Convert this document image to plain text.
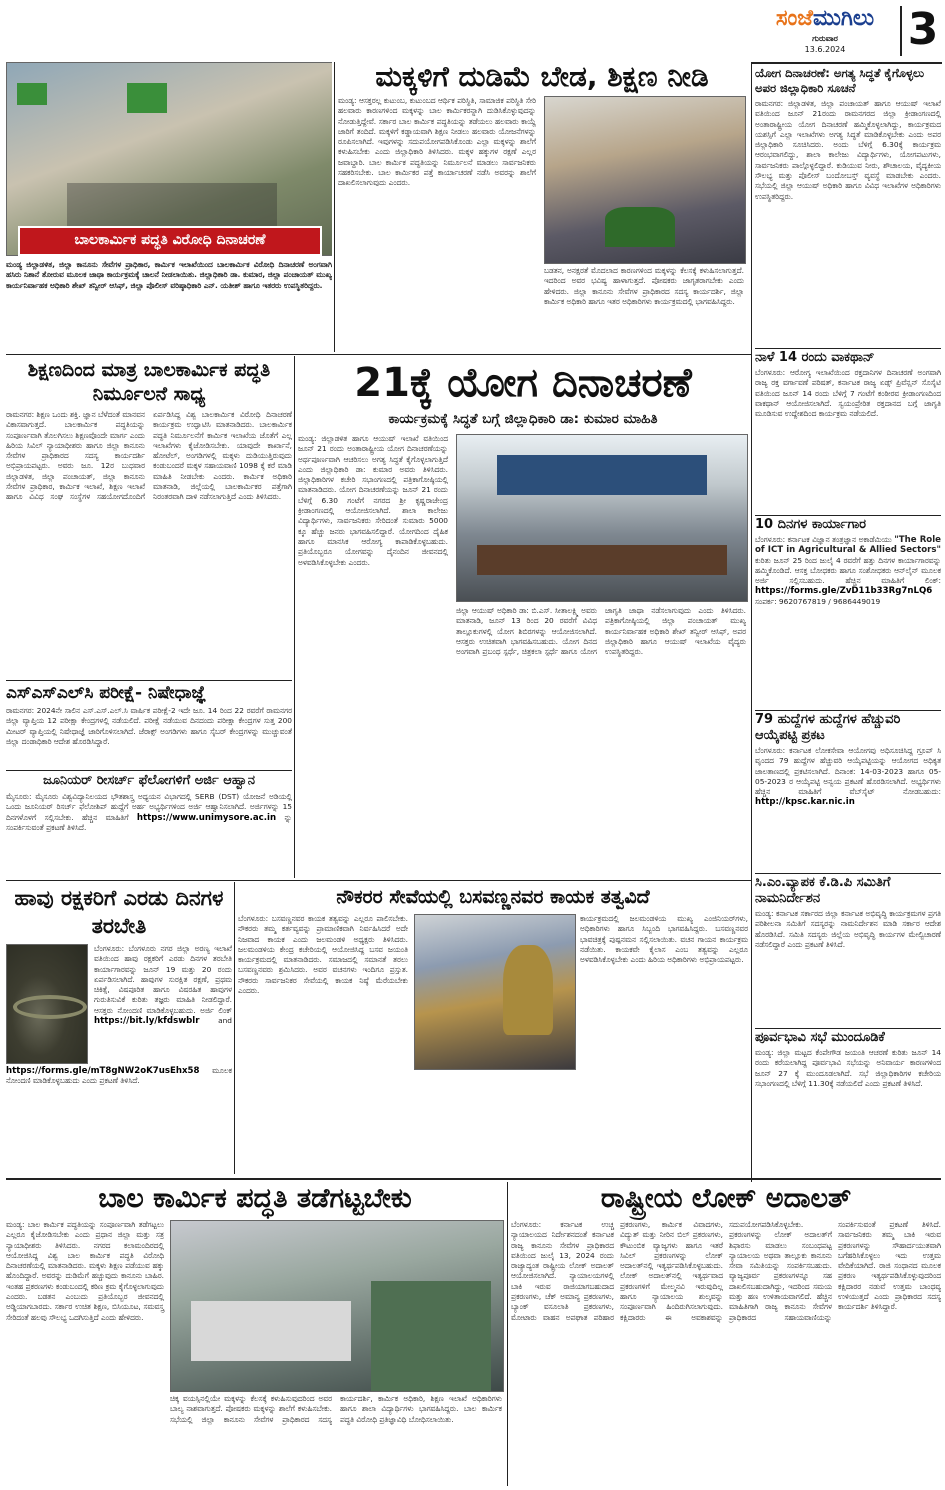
ಸಂಜೆಮುಗಿಲು
ಗುರುವಾರ
13.6.2024	3
ಬಾಲಕಾರ್ಮಿಕ ಪದ್ಧತಿ ವಿರೋಧಿ ದಿನಾಚರಣೆ
ಮಂಡ್ಯ ಜಿಲ್ಲಾಡಳಿತ, ಜಿಲ್ಲಾ ಕಾನೂನು ಸೇವೆಗಳ ಪ್ರಾಧಿಕಾರ, ಕಾರ್ಮಿಕ ಇಲಾಖೆಯಿಂದ ಬಾಲಕಾರ್ಮಿಕ ವಿರೋಧಿ ದಿನಾಚರಣೆ ಅಂಗವಾಗಿ ಹಸಿರು ನಿಶಾನೆ ತೋರುವ ಮೂಲಕ ಜಾಥಾ ಕಾರ್ಯಕ್ರಮಕ್ಕೆ ಚಾಲನೆ ನೀಡಲಾಯಿತು. ಜಿಲ್ಲಾಧಿಕಾರಿ ಡಾ. ಕುಮಾರ, ಜಿಲ್ಲಾ ಪಂಚಾಯತ್ ಮುಖ್ಯ ಕಾರ್ಯನಿರ್ವಾಹಕ ಅಧಿಕಾರಿ ಶೇಖ್ ತನ್ವೀರ್ ಆಸಿಫ್, ಜಿಲ್ಲಾ ಪೊಲೀಸ್ ವರಿಷ್ಠಾಧಿಕಾರಿ ಎನ್. ಯತೀಶ್ ಹಾಗೂ ಇತರರು ಉಪಸ್ಥಿತರಿದ್ದರು.
ಮಕ್ಕಳಿಗೆ ದುಡಿಮೆ ಬೇಡ, ಶಿಕ್ಷಣ ನೀಡಿ
ಮಂಡ್ಯ: ಆಸಕ್ತರಲ್ಲ ಕುಟುಂಬ, ಕುಟುಂಬದ ಆರ್ಥಿಕ ಪರಿಸ್ಥಿತಿ, ಸಾಮಾಜಿಕ ಪರಿಸ್ಥಿತಿ ಸೇರಿ ಹಲವಾರು ಕಾರಣಗಳಿಂದ ಮಕ್ಕಳನ್ನು ಬಾಲ ಕಾರ್ಮಿಕರನ್ನಾಗಿ ದುಡಿಸಿಕೊಳ್ಳುವುದನ್ನು ನೋಡುತ್ತಿದ್ದೇವೆ. ಸರ್ಕಾರ ಬಾಲ ಕಾರ್ಮಿಕ ಪದ್ಧತಿಯನ್ನು ತಡೆಯಲು ಹಲವಾರು ಕಾಯ್ದೆ ಜಾರಿಗೆ ತಂದಿದೆ. ಮಕ್ಕಳಿಗೆ ಕಡ್ಡಾಯವಾಗಿ ಶಿಕ್ಷಣ ನೀಡಲು ಹಲವಾರು ಯೋಜನೆಗಳನ್ನು ರೂಪಿಸಲಾಗಿದೆ. ಇವುಗಳನ್ನು ಸದುಪಯೋಗಪಡಿಸಿಕೊಂಡು ಎಲ್ಲಾ ಮಕ್ಕಳನ್ನು ಶಾಲೆಗೆ ಕಳುಹಿಸಬೇಕು ಎಂದು ಜಿಲ್ಲಾಧಿಕಾರಿ ತಿಳಿಸಿದರು. ಮಕ್ಕಳ ಹಕ್ಕುಗಳ ರಕ್ಷಣೆ ಎಲ್ಲರ ಜವಾಬ್ದಾರಿ. ಬಾಲ ಕಾರ್ಮಿಕ ಪದ್ಧತಿಯನ್ನು ನಿರ್ಮೂಲನೆ ಮಾಡಲು ಸಾರ್ವಜನಿಕರು ಸಹಕರಿಸಬೇಕು. ಬಾಲ ಕಾರ್ಮಿಕರ ಪತ್ತೆ ಕಾರ್ಯಾಚರಣೆ ನಡೆಸಿ ಅವರನ್ನು ಶಾಲೆಗೆ ದಾಖಲಿಸಲಾಗುವುದು ಎಂದರು.
ಬಡತನ, ಅನಕ್ಷರತೆ ಮೊದಲಾದ ಕಾರಣಗಳಿಂದ ಮಕ್ಕಳನ್ನು ಕೆಲಸಕ್ಕೆ ಕಳುಹಿಸಲಾಗುತ್ತದೆ. ಇದರಿಂದ ಅವರ ಭವಿಷ್ಯ ಹಾಳಾಗುತ್ತದೆ. ಪೋಷಕರು ಜಾಗೃತರಾಗಬೇಕು ಎಂದು ಹೇಳಿದರು. ಜಿಲ್ಲಾ ಕಾನೂನು ಸೇವೆಗಳ ಪ್ರಾಧಿಕಾರದ ಸದಸ್ಯ ಕಾರ್ಯದರ್ಶಿ, ಜಿಲ್ಲಾ ಕಾರ್ಮಿಕ ಅಧಿಕಾರಿ ಹಾಗೂ ಇತರ ಅಧಿಕಾರಿಗಳು ಕಾರ್ಯಕ್ರಮದಲ್ಲಿ ಭಾಗವಹಿಸಿದ್ದರು.
ಯೋಗ ದಿನಾಚರಣೆ: ಅಗತ್ಯ ಸಿದ್ಧತೆ ಕೈಗೊಳ್ಳಲು ಅಪರ ಜಿಲ್ಲಾಧಿಕಾರಿ ಸೂಚನೆ
ರಾಮನಗರ: ಜಿಲ್ಲಾಡಳಿತ, ಜಿಲ್ಲಾ ಪಂಚಾಯತ್ ಹಾಗೂ ಆಯುಷ್ ಇಲಾಖೆ ವತಿಯಿಂದ ಜೂನ್ 21ರಂದು ರಾಮನಗರದ ಜಿಲ್ಲಾ ಕ್ರೀಡಾಂಗಣದಲ್ಲಿ ಅಂತಾರಾಷ್ಟ್ರೀಯ ಯೋಗ ದಿನಾಚರಣೆ ಹಮ್ಮಿಕೊಳ್ಳಲಾಗಿದ್ದು, ಕಾರ್ಯಕ್ರಮದ ಯಶಸ್ಸಿಗೆ ಎಲ್ಲಾ ಇಲಾಖೆಗಳು ಅಗತ್ಯ ಸಿದ್ಧತೆ ಮಾಡಿಕೊಳ್ಳಬೇಕು ಎಂದು ಅಪರ ಜಿಲ್ಲಾಧಿಕಾರಿ ಸೂಚಿಸಿದರು. ಅಂದು ಬೆಳಿಗ್ಗೆ 6.30ಕ್ಕೆ ಕಾರ್ಯಕ್ರಮ ಆರಂಭವಾಗಲಿದ್ದು, ಶಾಲಾ ಕಾಲೇಜು ವಿದ್ಯಾರ್ಥಿಗಳು, ಯೋಗಪಟುಗಳು, ಸಾರ್ವಜನಿಕರು ಪಾಲ್ಗೊಳ್ಳಲಿದ್ದಾರೆ. ಕುಡಿಯುವ ನೀರು, ಶೌಚಾಲಯ, ವೈದ್ಯಕೀಯ ಸೌಲಭ್ಯ ಮತ್ತು ಪೊಲೀಸ್ ಬಂದೋಬಸ್ತ್ ವ್ಯವಸ್ಥೆ ಮಾಡಬೇಕು ಎಂದರು. ಸಭೆಯಲ್ಲಿ ಜಿಲ್ಲಾ ಆಯುಷ್ ಅಧಿಕಾರಿ ಹಾಗೂ ವಿವಿಧ ಇಲಾಖೆಗಳ ಅಧಿಕಾರಿಗಳು ಉಪಸ್ಥಿತರಿದ್ದರು.
ನಾಳೆ 14 ರಂದು ವಾಕಥಾನ್
ಬೆಂಗಳೂರು: ಆರೋಗ್ಯ ಇಲಾಖೆಯಿಂದ ರಕ್ತದಾನಿಗಳ ದಿನಾಚರಣೆ ಅಂಗವಾಗಿ ರಾಜ್ಯ ರಕ್ತ ವರ್ಗಾವಣೆ ಪರಿಷತ್, ಕರ್ನಾಟಕ ರಾಜ್ಯ ಏಡ್ಸ್ ಪ್ರಿವೆನ್ಷನ್ ಸೊಸೈಟಿ ವತಿಯಿಂದ ಜೂನ್ 14 ರಂದು ಬೆಳಿಗ್ಗೆ 7 ಗಂಟೆಗೆ ಕಂಠೀರವ ಕ್ರೀಡಾಂಗಣದಿಂದ ವಾಕಥಾನ್ ಆಯೋಜಿಸಲಾಗಿದೆ. ಸ್ವಯಂಪ್ರೇರಿತ ರಕ್ತದಾನದ ಬಗ್ಗೆ ಜಾಗೃತಿ ಮೂಡಿಸುವ ಉದ್ದೇಶದಿಂದ ಕಾರ್ಯಕ್ರಮ ನಡೆಯಲಿದೆ.
10 ದಿನಗಳ ಕಾರ್ಯಾಗಾರ
ಬೆಂಗಳೂರು: ಕರ್ನಾಟಕ ವಿಜ್ಞಾನ ತಂತ್ರಜ್ಞಾನ ಅಕಾಡೆಮಿಯು "The Role of ICT in Agricultural & Allied Sectors" ಕುರಿತು ಜೂನ್ 25 ರಿಂದ ಜುಲೈ 4 ರವರೆಗೆ ಹತ್ತು ದಿನಗಳ ಕಾರ್ಯಾಗಾರವನ್ನು ಹಮ್ಮಿಕೊಂಡಿದೆ. ಆಸಕ್ತ ಬೋಧಕರು ಹಾಗೂ ಸಂಶೋಧಕರು ಆನ್‌ಲೈನ್ ಮೂಲಕ ಅರ್ಜಿ ಸಲ್ಲಿಸಬಹುದು. ಹೆಚ್ಚಿನ ಮಾಹಿತಿಗೆ ಲಿಂಕ್: https://forms.gle/ZvD11b33Rg7nLQ6 ಸಂಪರ್ಕ: 9620767819 / 9686449019
79 ಹುದ್ದೆಗಳ ಹುದ್ದೆಗಳ ಹೆಚ್ಚುವರಿ ಆಯ್ಕೆಪಟ್ಟಿ ಪ್ರಕಟ
ಬೆಂಗಳೂರು: ಕರ್ನಾಟಕ ಲೋಕಸೇವಾ ಆಯೋಗವು ಅಧಿಸೂಚಿಸಿದ್ದ ಗ್ರೂಪ್ ಸಿ ವೃಂದದ 79 ಹುದ್ದೆಗಳ ಹೆಚ್ಚುವರಿ ಆಯ್ಕೆಪಟ್ಟಿಯನ್ನು ಆಯೋಗದ ಅಧಿಕೃತ ಜಾಲತಾಣದಲ್ಲಿ ಪ್ರಕಟಿಸಲಾಗಿದೆ. ದಿನಾಂಕ: 14-03-2023 ಹಾಗೂ 05-05-2023 ರ ಆಯ್ಕೆಪಟ್ಟಿ ಅನ್ವಯ ಪ್ರಕಟಣೆ ಹೊರಡಿಸಲಾಗಿದೆ. ಅಭ್ಯರ್ಥಿಗಳು ಹೆಚ್ಚಿನ ಮಾಹಿತಿಗೆ ವೆಬ್‌ಸೈಟ್ ನೋಡಬಹುದು: http://kpsc.kar.nic.in
ಸಿ.ಎಂ.ವ್ಯಾಪಕ ಕೆ.ಡಿ.ಪಿ ಸಮಿತಿಗೆ ನಾಮನಿರ್ದೇಶನ
ಮಂಡ್ಯ: ಕರ್ನಾಟಕ ಸರ್ಕಾರದ ಜಿಲ್ಲಾ ಕರ್ನಾಟಕ ಅಭಿವೃದ್ಧಿ ಕಾರ್ಯಕ್ರಮಗಳ ಪ್ರಗತಿ ಪರಿಶೀಲನಾ ಸಮಿತಿಗೆ ಸದಸ್ಯರನ್ನು ನಾಮನಿರ್ದೇಶನ ಮಾಡಿ ಸರ್ಕಾರ ಆದೇಶ ಹೊರಡಿಸಿದೆ. ಸಮಿತಿ ಸದಸ್ಯರು ಜಿಲ್ಲೆಯ ಅಭಿವೃದ್ಧಿ ಕಾರ್ಯಗಳ ಮೇಲ್ವಿಚಾರಣೆ ನಡೆಸಲಿದ್ದಾರೆ ಎಂದು ಪ್ರಕಟಣೆ ತಿಳಿಸಿದೆ.
ಪೂರ್ವಭಾವಿ ಸಭೆ ಮುಂದೂಡಿಕೆ
ಮಂಡ್ಯ: ಜಿಲ್ಲಾ ಮಟ್ಟದ ಕೆಂಪೇಗೌಡ ಜಯಂತಿ ಆಚರಣೆ ಕುರಿತು ಜೂನ್ 14 ರಂದು ಕರೆಯಲಾಗಿದ್ದ ಪೂರ್ವಭಾವಿ ಸಭೆಯನ್ನು ಅನಿವಾರ್ಯ ಕಾರಣಗಳಿಂದ ಜೂನ್ 27 ಕ್ಕೆ ಮುಂದೂಡಲಾಗಿದೆ. ಸಭೆ ಜಿಲ್ಲಾಧಿಕಾರಿಗಳ ಕಚೇರಿಯ ಸಭಾಂಗಣದಲ್ಲಿ ಬೆಳಿಗ್ಗೆ 11.30ಕ್ಕೆ ನಡೆಯಲಿದೆ ಎಂದು ಪ್ರಕಟಣೆ ತಿಳಿಸಿದೆ.
ಶಿಕ್ಷಣದಿಂದ ಮಾತ್ರ ಬಾಲಕಾರ್ಮಿಕ ಪದ್ಧತಿ ನಿರ್ಮೂಲನೆ ಸಾಧ್ಯ
ರಾಮನಗರ: ಶಿಕ್ಷಣ ಒಂದು ಶಕ್ತಿ. ಜ್ಞಾನ ಬೆಳೆದಂತೆ ಮಾನವನ ವಿಕಾಸವಾಗುತ್ತದೆ. ಬಾಲಕಾರ್ಮಿಕ ಪದ್ಧತಿಯನ್ನು ಸಂಪೂರ್ಣವಾಗಿ ತೊಲಗಿಸಲು ಶಿಕ್ಷಣವೊಂದೇ ಮಾರ್ಗ ಎಂದು ಹಿರಿಯ ಸಿವಿಲ್ ನ್ಯಾಯಾಧೀಶರು ಹಾಗೂ ಜಿಲ್ಲಾ ಕಾನೂನು ಸೇವೆಗಳ ಪ್ರಾಧಿಕಾರದ ಸದಸ್ಯ ಕಾರ್ಯದರ್ಶಿ ಅಭಿಪ್ರಾಯಪಟ್ಟರು. ಅವರು ಜೂ. 12ರ ಬುಧವಾರ ಜಿಲ್ಲಾಡಳಿತ, ಜಿಲ್ಲಾ ಪಂಚಾಯತ್, ಜಿಲ್ಲಾ ಕಾನೂನು ಸೇವೆಗಳ ಪ್ರಾಧಿಕಾರ, ಕಾರ್ಮಿಕ ಇಲಾಖೆ, ಶಿಕ್ಷಣ ಇಲಾಖೆ ಹಾಗೂ ವಿವಿಧ ಸಂಘ ಸಂಸ್ಥೆಗಳ ಸಹಯೋಗದೊಂದಿಗೆ ಏರ್ಪಡಿಸಿದ್ದ ವಿಶ್ವ ಬಾಲಕಾರ್ಮಿಕ ವಿರೋಧಿ ದಿನಾಚರಣೆ ಕಾರ್ಯಕ್ರಮ ಉದ್ಘಾಟಿಸಿ ಮಾತನಾಡಿದರು. ಬಾಲಕಾರ್ಮಿಕ ಪದ್ಧತಿ ನಿರ್ಮೂಲನೆಗೆ ಕಾರ್ಮಿಕ ಇಲಾಖೆಯ ಜೊತೆಗೆ ಎಲ್ಲ ಇಲಾಖೆಗಳು ಕೈಜೋಡಿಸಬೇಕು. ಯಾವುದೇ ಕಾರ್ಖಾನೆ, ಹೋಟೆಲ್, ಅಂಗಡಿಗಳಲ್ಲಿ ಮಕ್ಕಳು ದುಡಿಯುತ್ತಿರುವುದು ಕಂಡುಬಂದರೆ ಮಕ್ಕಳ ಸಹಾಯವಾಣಿ 1098 ಕ್ಕೆ ಕರೆ ಮಾಡಿ ಮಾಹಿತಿ ನೀಡಬೇಕು ಎಂದರು. ಕಾರ್ಮಿಕ ಅಧಿಕಾರಿ ಮಾತನಾಡಿ, ಜಿಲ್ಲೆಯಲ್ಲಿ ಬಾಲಕಾರ್ಮಿಕರ ಪತ್ತೆಗಾಗಿ ನಿರಂತರವಾಗಿ ದಾಳಿ ನಡೆಸಲಾಗುತ್ತಿದೆ ಎಂದು ತಿಳಿಸಿದರು.
ಎಸ್‌ಎಸ್‌ಎಲ್‌ಸಿ ಪರೀಕ್ಷೆ- ನಿಷೇಧಾಜ್ಞೆ
ರಾಮನಗರ: 2024ನೇ ಸಾಲಿನ ಎಸ್.ಎಸ್.ಎಲ್.ಸಿ ವಾರ್ಷಿಕ ಪರೀಕ್ಷೆ-2 ಇದೇ ಜೂ. 14 ರಿಂದ 22 ರವರೆಗೆ ರಾಮನಗರ ಜಿಲ್ಲಾ ವ್ಯಾಪ್ತಿಯ 12 ಪರೀಕ್ಷಾ ಕೇಂದ್ರಗಳಲ್ಲಿ ನಡೆಯಲಿದೆ. ಪರೀಕ್ಷೆ ನಡೆಯುವ ದಿನದಂದು ಪರೀಕ್ಷಾ ಕೇಂದ್ರಗಳ ಸುತ್ತ 200 ಮೀಟರ್ ವ್ಯಾಪ್ತಿಯಲ್ಲಿ ನಿಷೇಧಾಜ್ಞೆ ಜಾರಿಗೊಳಿಸಲಾಗಿದೆ. ಜೆರಾಕ್ಸ್ ಅಂಗಡಿಗಳು ಹಾಗೂ ಸೈಬರ್ ಕೇಂದ್ರಗಳನ್ನು ಮುಚ್ಚುವಂತೆ ಜಿಲ್ಲಾ ದಂಡಾಧಿಕಾರಿ ಆದೇಶ ಹೊರಡಿಸಿದ್ದಾರೆ.
ಜೂನಿಯರ್ ರೀಸರ್ಚ್ ಫೆಲೋಗಳಿಗೆ ಅರ್ಜಿ ಆಹ್ವಾನ
ಮೈಸೂರು: ಮೈಸೂರು ವಿಶ್ವವಿದ್ಯಾನಿಲಯದ ಭೌತಶಾಸ್ತ್ರ ಅಧ್ಯಯನ ವಿಭಾಗದಲ್ಲಿ SERB (DST) ಯೋಜನೆ ಅಡಿಯಲ್ಲಿ ಒಂದು ಜೂನಿಯರ್ ರಿಸರ್ಚ್ ಫೆಲೋಶಿಪ್ ಹುದ್ದೆಗೆ ಅರ್ಹ ಅಭ್ಯರ್ಥಿಗಳಿಂದ ಅರ್ಜಿ ಆಹ್ವಾನಿಸಲಾಗಿದೆ. ಅರ್ಜಿಗಳನ್ನು 15 ದಿನಗಳೊಳಗೆ ಸಲ್ಲಿಸಬೇಕು. ಹೆಚ್ಚಿನ ಮಾಹಿತಿಗೆ https://www.unimysore.ac.in ನ್ನು ಸಂಪರ್ಕಿಸುವಂತೆ ಪ್ರಕಟಣೆ ತಿಳಿಸಿದೆ.
21ಕ್ಕೆ ಯೋಗ ದಿನಾಚರಣೆ
ಕಾರ್ಯಕ್ರಮಕ್ಕೆ ಸಿದ್ಧತೆ ಬಗ್ಗೆ ಜಿಲ್ಲಾಧಿಕಾರಿ ಡಾ: ಕುಮಾರ ಮಾಹಿತಿ
ಮಂಡ್ಯ: ಜಿಲ್ಲಾಡಳಿತ ಹಾಗೂ ಆಯುಷ್ ಇಲಾಖೆ ವತಿಯಿಂದ ಜೂನ್ 21 ರಂದು ಅಂತಾರಾಷ್ಟ್ರೀಯ ಯೋಗ ದಿನಾಚರಣೆಯನ್ನು ಅರ್ಥಪೂರ್ಣವಾಗಿ ಆಚರಿಸಲು ಅಗತ್ಯ ಸಿದ್ಧತೆ ಕೈಗೊಳ್ಳಲಾಗುತ್ತಿದೆ ಎಂದು ಜಿಲ್ಲಾಧಿಕಾರಿ ಡಾ: ಕುಮಾರ ಅವರು ತಿಳಿಸಿದರು. ಜಿಲ್ಲಾಧಿಕಾರಿಗಳ ಕಚೇರಿ ಸಭಾಂಗಣದಲ್ಲಿ ಪತ್ರಿಕಾಗೋಷ್ಠಿಯಲ್ಲಿ ಮಾತನಾಡಿದರು. ಯೋಗ ದಿನಾಚರಣೆಯನ್ನು ಜೂನ್ 21 ರಂದು ಬೆಳಿಗ್ಗೆ 6.30 ಗಂಟೆಗೆ ನಗರದ ಶ್ರೀ ಕೃಷ್ಣರಾಜೇಂದ್ರ ಕ್ರೀಡಾಂಗಣದಲ್ಲಿ ಆಯೋಜಿಸಲಾಗಿದೆ. ಶಾಲಾ ಕಾಲೇಜು ವಿದ್ಯಾರ್ಥಿಗಳು, ಸಾರ್ವಜನಿಕರು ಸೇರಿದಂತೆ ಸುಮಾರು 5000 ಕ್ಕೂ ಹೆಚ್ಚು ಜನರು ಭಾಗವಹಿಸಲಿದ್ದಾರೆ. ಯೋಗದಿಂದ ದೈಹಿಕ ಹಾಗೂ ಮಾನಸಿಕ ಆರೋಗ್ಯ ಕಾಪಾಡಿಕೊಳ್ಳಬಹುದು. ಪ್ರತಿಯೊಬ್ಬರೂ ಯೋಗವನ್ನು ದೈನಂದಿನ ಜೀವನದಲ್ಲಿ ಅಳವಡಿಸಿಕೊಳ್ಳಬೇಕು ಎಂದರು.
ಜಿಲ್ಲಾ ಆಯುಷ್ ಅಧಿಕಾರಿ ಡಾ: ಬಿ.ಎಸ್. ಸೀತಾಲಕ್ಷ್ಮಿ ಅವರು ಮಾತನಾಡಿ, ಜೂನ್ 13 ರಿಂದ 20 ರವರೆಗೆ ವಿವಿಧ ತಾಲ್ಲೂಕುಗಳಲ್ಲಿ ಯೋಗ ಶಿಬಿರಗಳನ್ನು ಆಯೋಜಿಸಲಾಗಿದೆ. ಆಸಕ್ತರು ಉಚಿತವಾಗಿ ಭಾಗವಹಿಸಬಹುದು. ಯೋಗ ದಿನದ ಅಂಗವಾಗಿ ಪ್ರಬಂಧ ಸ್ಪರ್ಧೆ, ಚಿತ್ರಕಲಾ ಸ್ಪರ್ಧೆ ಹಾಗೂ ಯೋಗ ಜಾಗೃತಿ ಜಾಥಾ ನಡೆಸಲಾಗುವುದು ಎಂದು ತಿಳಿಸಿದರು. ಪತ್ರಿಕಾಗೋಷ್ಠಿಯಲ್ಲಿ ಜಿಲ್ಲಾ ಪಂಚಾಯತ್ ಮುಖ್ಯ ಕಾರ್ಯನಿರ್ವಾಹಕ ಅಧಿಕಾರಿ ಶೇಖ್ ತನ್ವೀರ್ ಆಸಿಫ್, ಅಪರ ಜಿಲ್ಲಾಧಿಕಾರಿ ಹಾಗೂ ಆಯುಷ್ ಇಲಾಖೆಯ ವೈದ್ಯರು ಉಪಸ್ಥಿತರಿದ್ದರು.
ಹಾವು ರಕ್ಷಕರಿಗೆ ಎರಡು ದಿನಗಳ ತರಬೇತಿ
ಬೆಂಗಳೂರು: ಬೆಂಗಳೂರು ನಗರ ಜಿಲ್ಲಾ ಅರಣ್ಯ ಇಲಾಖೆ ವತಿಯಿಂದ ಹಾವು ರಕ್ಷಕರಿಗೆ ಎರಡು ದಿನಗಳ ತರಬೇತಿ ಕಾರ್ಯಾಗಾರವನ್ನು ಜೂನ್ 19 ಮತ್ತು 20 ರಂದು ಏರ್ಪಡಿಸಲಾಗಿದೆ. ಹಾವುಗಳ ಸುರಕ್ಷಿತ ರಕ್ಷಣೆ, ಪ್ರಥಮ ಚಿಕಿತ್ಸೆ, ವಿಷಪೂರಿತ ಹಾಗೂ ವಿಷರಹಿತ ಹಾವುಗಳ ಗುರುತಿಸುವಿಕೆ ಕುರಿತು ತಜ್ಞರು ಮಾಹಿತಿ ನೀಡಲಿದ್ದಾರೆ. ಆಸಕ್ತರು ನೋಂದಣಿ ಮಾಡಿಕೊಳ್ಳಬಹುದು. ಅರ್ಜಿ ಲಿಂಕ್ https://bit.ly/kfdswblr	and https://forms.gle/mT8gNW2oK7usEhx58 ಮೂಲಕ ನೋಂದಣಿ ಮಾಡಿಕೊಳ್ಳಬಹುದು ಎಂದು ಪ್ರಕಟಣೆ ತಿಳಿಸಿದೆ.
ನೌಕರರ ಸೇವೆಯಲ್ಲಿ ಬಸವಣ್ಣನವರ ಕಾಯಕ ತತ್ವವಿದೆ
ಬೆಂಗಳೂರು: ಬಸವಣ್ಣನವರ ಕಾಯಕ ತತ್ವವನ್ನು ಎಲ್ಲರೂ ಪಾಲಿಸಬೇಕು. ನೌಕರರು ತಮ್ಮ ಕರ್ತವ್ಯವನ್ನು ಪ್ರಾಮಾಣಿಕವಾಗಿ ನಿರ್ವಹಿಸಿದರೆ ಅದೇ ನಿಜವಾದ ಕಾಯಕ ಎಂದು ಜಲಮಂಡಳಿ ಅಧ್ಯಕ್ಷರು ತಿಳಿಸಿದರು. ಜಲಮಂಡಳಿಯ ಕೇಂದ್ರ ಕಚೇರಿಯಲ್ಲಿ ಆಯೋಜಿಸಿದ್ದ ಬಸವ ಜಯಂತಿ ಕಾರ್ಯಕ್ರಮದಲ್ಲಿ ಮಾತನಾಡಿದರು. ಸಮಾಜದಲ್ಲಿ ಸಮಾನತೆ ತರಲು ಬಸವಣ್ಣನವರು ಶ್ರಮಿಸಿದರು. ಅವರ ವಚನಗಳು ಇಂದಿಗೂ ಪ್ರಸ್ತುತ. ನೌಕರರು ಸಾರ್ವಜನಿಕರ ಸೇವೆಯಲ್ಲಿ ಕಾಯಕ ನಿಷ್ಠೆ ಮೆರೆಯಬೇಕು ಎಂದರು.
ಕಾರ್ಯಕ್ರಮದಲ್ಲಿ ಜಲಮಂಡಳಿಯ ಮುಖ್ಯ ಎಂಜಿನಿಯರ್‌ಗಳು, ಅಧಿಕಾರಿಗಳು ಹಾಗೂ ಸಿಬ್ಬಂದಿ ಭಾಗವಹಿಸಿದ್ದರು. ಬಸವಣ್ಣನವರ ಭಾವಚಿತ್ರಕ್ಕೆ ಪುಷ್ಪನಮನ ಸಲ್ಲಿಸಲಾಯಿತು. ವಚನ ಗಾಯನ ಕಾರ್ಯಕ್ರಮ ನಡೆಯಿತು. ಕಾಯಕವೇ ಕೈಲಾಸ ಎಂಬ ತತ್ವವನ್ನು ಎಲ್ಲರೂ ಅಳವಡಿಸಿಕೊಳ್ಳಬೇಕು ಎಂದು ಹಿರಿಯ ಅಧಿಕಾರಿಗಳು ಅಭಿಪ್ರಾಯಪಟ್ಟರು.
ಬಾಲ ಕಾರ್ಮಿಕ ಪದ್ಧತಿ ತಡೆಗಟ್ಟಬೇಕು
ಮಂಡ್ಯ: ಬಾಲ ಕಾರ್ಮಿಕ ಪದ್ಧತಿಯನ್ನು ಸಂಪೂರ್ಣವಾಗಿ ತಡೆಗಟ್ಟಲು ಎಲ್ಲರೂ ಕೈಜೋಡಿಸಬೇಕು ಎಂದು ಪ್ರಧಾನ ಜಿಲ್ಲಾ ಮತ್ತು ಸತ್ರ ನ್ಯಾಯಾಧೀಶರು ತಿಳಿಸಿದರು. ನಗರದ ಕಲಾಮಂದಿರದಲ್ಲಿ ಆಯೋಜಿಸಿದ್ದ ವಿಶ್ವ ಬಾಲ ಕಾರ್ಮಿಕ ಪದ್ಧತಿ ವಿರೋಧಿ ದಿನಾಚರಣೆಯಲ್ಲಿ ಮಾತನಾಡಿದರು. ಮಕ್ಕಳು ಶಿಕ್ಷಣ ಪಡೆಯುವ ಹಕ್ಕು ಹೊಂದಿದ್ದಾರೆ. ಅವರನ್ನು ದುಡಿಮೆಗೆ ಹಚ್ಚುವುದು ಕಾನೂನು ಬಾಹಿರ. ಇಂತಹ ಪ್ರಕರಣಗಳು ಕಂಡುಬಂದಲ್ಲಿ ಕಠಿಣ ಕ್ರಮ ಕೈಗೊಳ್ಳಲಾಗುವುದು ಎಂದರು. ಬಡತನ ಎಂಬುದು ಪ್ರತಿಯೊಬ್ಬರ ಜೀವನದಲ್ಲಿ ಅಡ್ಡಿಯಾಗಬಾರದು. ಸರ್ಕಾರ ಉಚಿತ ಶಿಕ್ಷಣ, ಬಿಸಿಯೂಟ, ಸಮವಸ್ತ್ರ ಸೇರಿದಂತೆ ಹಲವು ಸೌಲಭ್ಯ ಒದಗಿಸುತ್ತಿದೆ ಎಂದು ಹೇಳಿದರು.
ಚಿಕ್ಕ ವಯಸ್ಸಿನಲ್ಲಿಯೇ ಮಕ್ಕಳನ್ನು ಕೆಲಸಕ್ಕೆ ಕಳುಹಿಸುವುದರಿಂದ ಅವರ ಬಾಲ್ಯ ನಾಶವಾಗುತ್ತದೆ. ಪೋಷಕರು ಮಕ್ಕಳನ್ನು ಶಾಲೆಗೆ ಕಳುಹಿಸಬೇಕು. ಸಭೆಯಲ್ಲಿ ಜಿಲ್ಲಾ ಕಾನೂನು ಸೇವೆಗಳ ಪ್ರಾಧಿಕಾರದ ಸದಸ್ಯ ಕಾರ್ಯದರ್ಶಿ, ಕಾರ್ಮಿಕ ಅಧಿಕಾರಿ, ಶಿಕ್ಷಣ ಇಲಾಖೆ ಅಧಿಕಾರಿಗಳು ಹಾಗೂ ಶಾಲಾ ವಿದ್ಯಾರ್ಥಿಗಳು ಭಾಗವಹಿಸಿದ್ದರು. ಬಾಲ ಕಾರ್ಮಿಕ ಪದ್ಧತಿ ವಿರೋಧಿ ಪ್ರತಿಜ್ಞಾವಿಧಿ ಬೋಧಿಸಲಾಯಿತು.
ರಾಷ್ಟ್ರೀಯ ಲೋಕ್ ಅದಾಲತ್
ಬೆಂಗಳೂರು: ಕರ್ನಾಟಕ ಉಚ್ಚ ನ್ಯಾಯಾಲಯದ ನಿರ್ದೇಶನದಂತೆ ಕರ್ನಾಟಕ ರಾಜ್ಯ ಕಾನೂನು ಸೇವೆಗಳ ಪ್ರಾಧಿಕಾರದ ವತಿಯಿಂದ ಜುಲೈ 13, 2024 ರಂದು ರಾಜ್ಯಾದ್ಯಂತ ರಾಷ್ಟ್ರೀಯ ಲೋಕ್ ಅದಾಲತ್ ಆಯೋಜಿಸಲಾಗಿದೆ. ನ್ಯಾಯಾಲಯಗಳಲ್ಲಿ ಬಾಕಿ ಇರುವ ರಾಜಿಯಾಗಬಹುದಾದ ಪ್ರಕರಣಗಳು, ಚೆಕ್ ಅಮಾನ್ಯ ಪ್ರಕರಣಗಳು, ಬ್ಯಾಂಕ್ ವಸೂಲಾತಿ ಪ್ರಕರಣಗಳು, ಮೋಟಾರು ವಾಹನ ಅಪಘಾತ ಪರಿಹಾರ ಪ್ರಕರಣಗಳು, ಕಾರ್ಮಿಕ ವಿವಾದಗಳು, ವಿದ್ಯುತ್ ಮತ್ತು ನೀರಿನ ಬಿಲ್ ಪ್ರಕರಣಗಳು, ಕೌಟುಂಬಿಕ ವ್ಯಾಜ್ಯಗಳು ಹಾಗೂ ಇತರೆ ಸಿವಿಲ್ ಪ್ರಕರಣಗಳನ್ನು ಲೋಕ್ ಅದಾಲತ್‌ನಲ್ಲಿ ಇತ್ಯರ್ಥಪಡಿಸಿಕೊಳ್ಳಬಹುದು. ಲೋಕ್ ಅದಾಲತ್‌ನಲ್ಲಿ ಇತ್ಯರ್ಥವಾದ ಪ್ರಕರಣಗಳಿಗೆ ಮೇಲ್ಮನವಿ ಇರುವುದಿಲ್ಲ ಹಾಗೂ ನ್ಯಾಯಾಲಯ ಶುಲ್ಕವನ್ನು ಸಂಪೂರ್ಣವಾಗಿ ಹಿಂದಿರುಗಿಸಲಾಗುವುದು. ಕಕ್ಷಿದಾರರು ಈ ಅವಕಾಶವನ್ನು ಸದುಪಯೋಗಪಡಿಸಿಕೊಳ್ಳಬೇಕು. ಪ್ರಕರಣಗಳನ್ನು ಲೋಕ್ ಅದಾಲತ್‌ಗೆ ಶಿಫಾರಸು ಮಾಡಲು ಸಂಬಂಧಪಟ್ಟ ನ್ಯಾಯಾಲಯ ಅಥವಾ ತಾಲ್ಲೂಕು ಕಾನೂನು ಸೇವಾ ಸಮಿತಿಯನ್ನು ಸಂಪರ್ಕಿಸಬಹುದು. ವ್ಯಾಜ್ಯಪೂರ್ವ ಪ್ರಕರಣಗಳನ್ನೂ ಸಹ ದಾಖಲಿಸಬಹುದಾಗಿದ್ದು, ಇದರಿಂದ ಸಮಯ ಮತ್ತು ಹಣ ಉಳಿತಾಯವಾಗಲಿದೆ. ಹೆಚ್ಚಿನ ಮಾಹಿತಿಗಾಗಿ ರಾಜ್ಯ ಕಾನೂನು ಸೇವೆಗಳ ಪ್ರಾಧಿಕಾರದ ಸಹಾಯವಾಣಿಯನ್ನು ಸಂಪರ್ಕಿಸುವಂತೆ ಪ್ರಕಟಣೆ ತಿಳಿಸಿದೆ. ಸಾರ್ವಜನಿಕರು ತಮ್ಮ ಬಾಕಿ ಇರುವ ಪ್ರಕರಣಗಳನ್ನು ಸೌಹಾರ್ದಯುತವಾಗಿ ಬಗೆಹರಿಸಿಕೊಳ್ಳಲು ಇದು ಉತ್ತಮ ವೇದಿಕೆಯಾಗಿದೆ. ರಾಜಿ ಸಂಧಾನದ ಮೂಲಕ ಪ್ರಕರಣ ಇತ್ಯರ್ಥಪಡಿಸಿಕೊಳ್ಳುವುದರಿಂದ ಕಕ್ಷಿದಾರರ ನಡುವೆ ಉತ್ತಮ ಬಾಂಧವ್ಯ ಉಳಿಯುತ್ತದೆ ಎಂದು ಪ್ರಾಧಿಕಾರದ ಸದಸ್ಯ ಕಾರ್ಯದರ್ಶಿ ತಿಳಿಸಿದ್ದಾರೆ.
